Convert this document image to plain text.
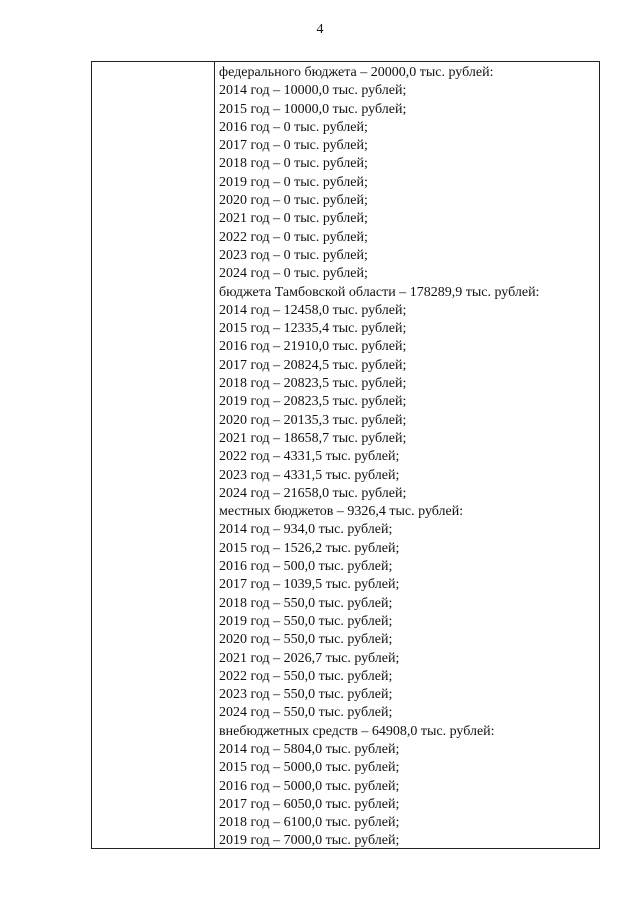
4
федерального бюджета – 20000,0 тыс. рублей:
2014 год – 10000,0 тыс. рублей;
2015 год – 10000,0 тыс. рублей;
2016 год – 0 тыс. рублей;
2017 год – 0 тыс. рублей;
2018 год – 0 тыс. рублей;
2019 год – 0 тыс. рублей;
2020 год – 0 тыс. рублей;
2021 год – 0 тыс. рублей;
2022 год – 0 тыс. рублей;
2023 год – 0 тыс. рублей;
2024 год – 0 тыс. рублей;
бюджета Тамбовской области – 178289,9 тыс. рублей:
2014 год – 12458,0 тыс. рублей;
2015 год – 12335,4 тыс. рублей;
2016 год – 21910,0 тыс. рублей;
2017 год – 20824,5 тыс. рублей;
2018 год – 20823,5 тыс. рублей;
2019 год – 20823,5 тыс. рублей;
2020 год – 20135,3 тыс. рублей;
2021 год – 18658,7 тыс. рублей;
2022 год – 4331,5 тыс. рублей;
2023 год – 4331,5 тыс. рублей;
2024 год – 21658,0 тыс. рублей;
местных бюджетов – 9326,4 тыс. рублей:
2014 год – 934,0 тыс. рублей;
2015 год – 1526,2 тыс. рублей;
2016 год – 500,0 тыс. рублей;
2017 год – 1039,5 тыс. рублей;
2018 год – 550,0 тыс. рублей;
2019 год – 550,0 тыс. рублей;
2020 год – 550,0 тыс. рублей;
2021 год – 2026,7 тыс. рублей;
2022 год – 550,0 тыс. рублей;
2023 год – 550,0 тыс. рублей;
2024 год – 550,0 тыс. рублей;
внебюджетных средств – 64908,0 тыс. рублей:
2014 год – 5804,0 тыс. рублей;
2015 год – 5000,0 тыс. рублей;
2016 год – 5000,0 тыс. рублей;
2017 год – 6050,0 тыс. рублей;
2018 год – 6100,0 тыс. рублей;
2019 год – 7000,0 тыс. рублей;
